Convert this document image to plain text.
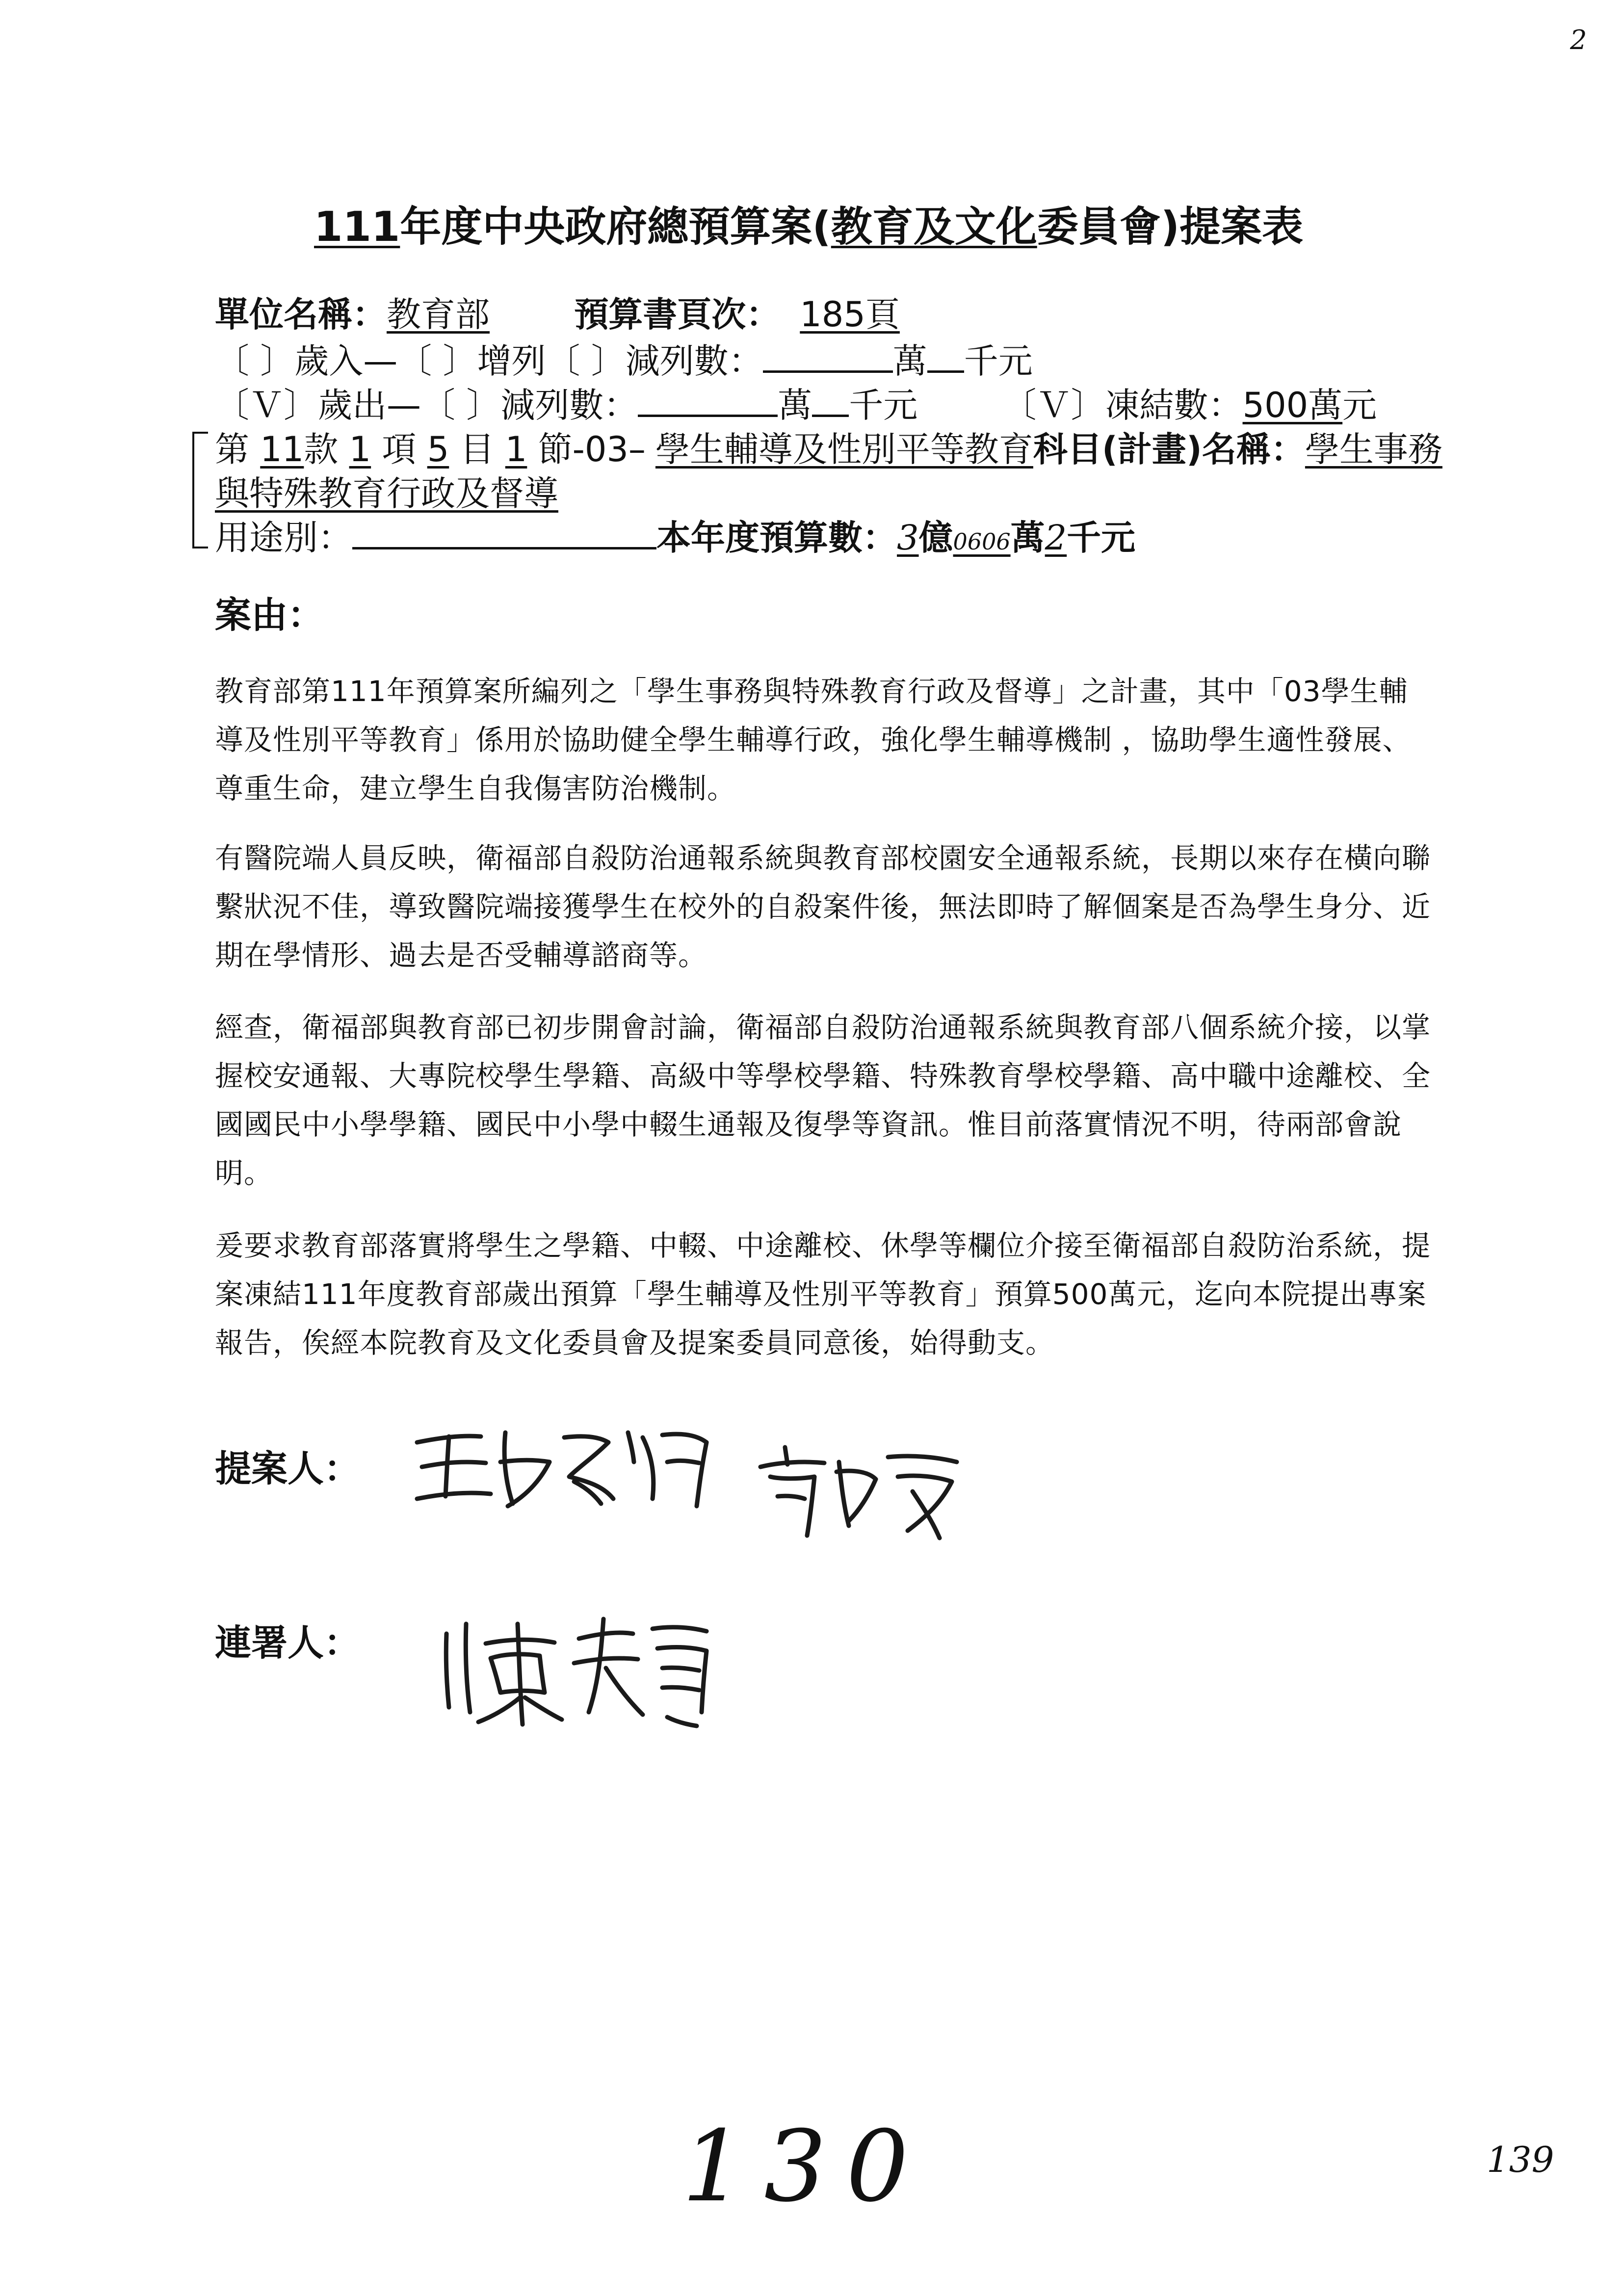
2
111年度中央政府總預算案(教育及文化委員會)提案表
單位名稱：教育部 預算書頁次： 185頁
〔 〕歲入—〔 〕增列〔 〕減列數：	萬 千元
〔Ｖ〕歲出—〔 〕減列數：	萬 千元 〔Ｖ〕凍結數：500萬元
第 11款 1 項 5 目 1 節-03– 學生輔導及性別平等教育科目(計畫)名稱：學生事務
與特殊教育行政及督導
用途別：	本年度預算數：3億0606萬2千元
案由：
教育部第111年預算案所編列之「學生事務與特殊教育行政及督導」之計畫，其中「03學生輔導及性別平等教育」係用於協助健全學生輔導行政，強化學生輔導機制 ，協助學生適性發展、尊重生命，建立學生自我傷害防治機制。
有醫院端人員反映，衛福部自殺防治通報系統與教育部校園安全通報系統，長期以來存在橫向聯繫狀況不佳，導致醫院端接獲學生在校外的自殺案件後，無法即時了解個案是否為學生身分、近期在學情形、過去是否受輔導諮商等。
經查，衛福部與教育部已初步開會討論，衛福部自殺防治通報系統與教育部八個系統介接，以掌握校安通報、大專院校學生學籍、高級中等學校學籍、特殊教育學校學籍、高中職中途離校、全國國民中小學學籍、國民中小學中輟生通報及復學等資訊。惟目前落實情況不明，待兩部會說明。
爰要求教育部落實將學生之學籍、中輟、中途離校、休學等欄位介接至衛福部自殺防治系統，提案凍結111年度教育部歲出預算「學生輔導及性別平等教育」預算500萬元，迄向本院提出專案報告，俟經本院教育及文化委員會及提案委員同意後，始得動支。
提案人：
連署人：
130	139
